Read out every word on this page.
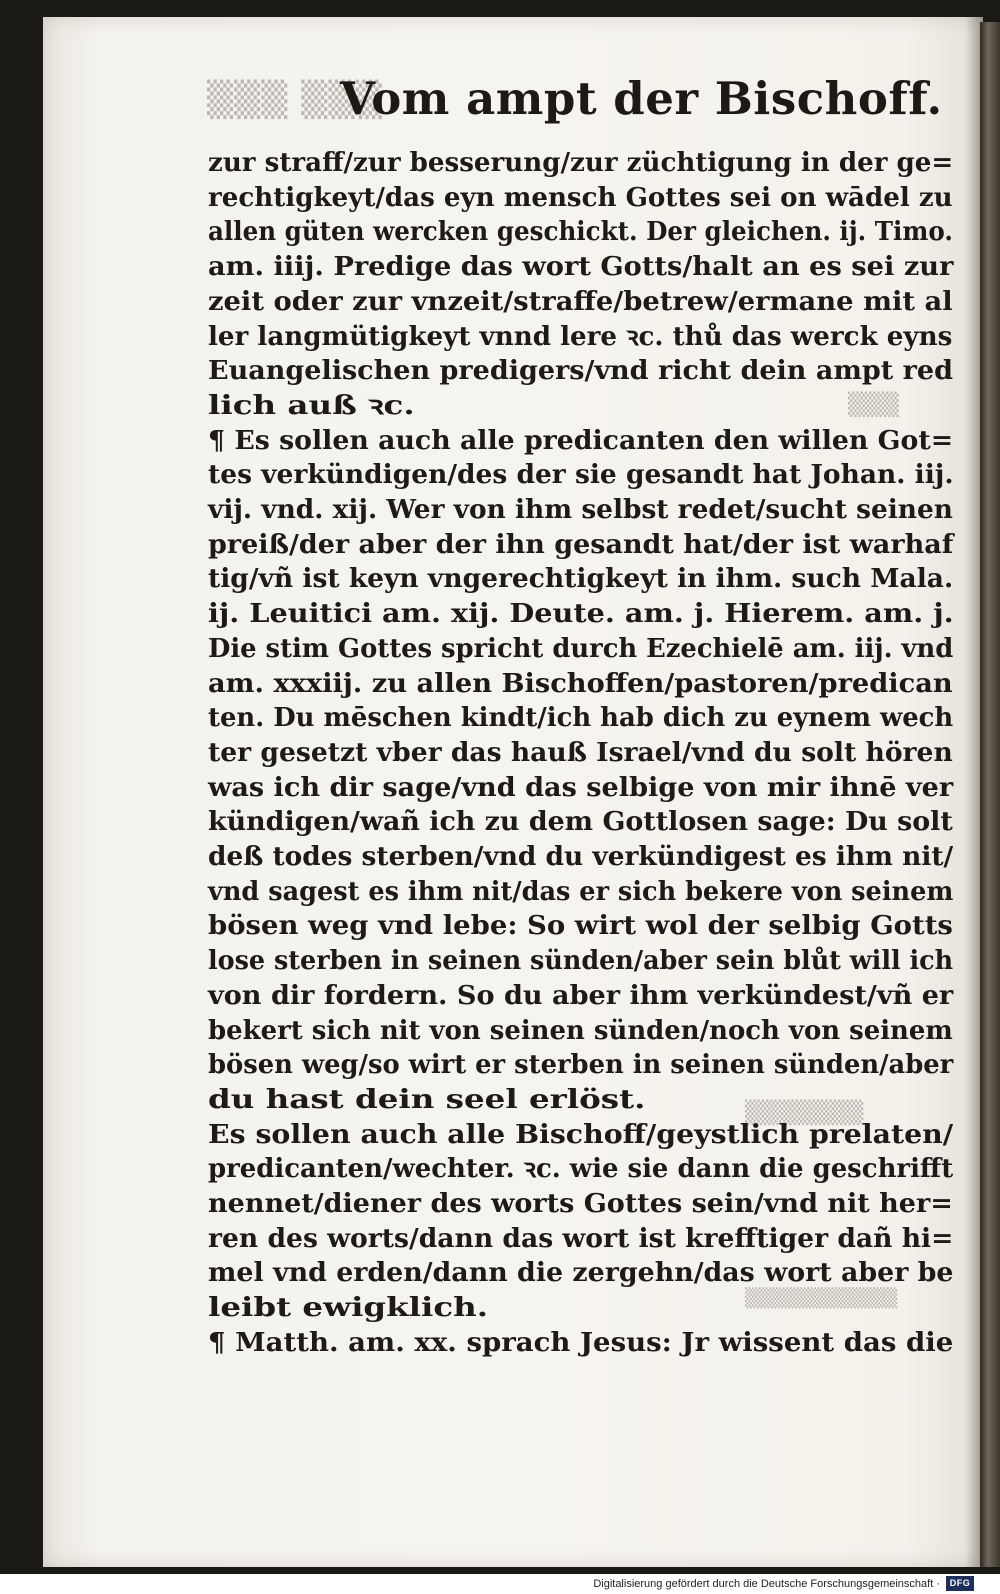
▒▒▒ ▒▒▒
▒▒▒
▒▒▒▒▒▒▒
▒▒▒▒▒▒▒▒▒▒▒
Vom ampt der Bischoff.
zur straff/zur besserung/zur züchtigung in der ge=
rechtigkeyt/das eyn mensch Gottes sei on wādel zu
allen güten wercken geschickt. Der gleichen. ij. Timo.
am. iiij. Predige das wort Gotts/halt an es sei zur
zeit oder zur vnzeit/straffe/betrew/ermane mit al
ler langmütigkeyt vnnd lere ꝛc. thů das werck eyns
Euangelischen predigers/vnd richt dein ampt red
lich auß ꝛc.
¶ Es sollen auch alle predicanten den willen Got=
tes verkündigen/des der sie gesandt hat Johan. iij.
vij. vnd. xij. Wer von ihm selbst redet/sucht seinen
preiß/der aber der ihn gesandt hat/der ist warhaf
tig/vñ ist keyn vngerechtigkeyt in ihm. such Mala.
ij. Leuitici am. xij. Deute. am. j. Hierem. am. j.
Die stim Gottes spricht durch Ezechielē am. iij. vnd
am. xxxiij. zu allen Bischoffen/pastoren/predican
ten. Du mēschen kindt/ich hab dich zu eynem wech
ter gesetzt vber das hauß Israel/vnd du solt hören
was ich dir sage/vnd das selbige von mir ihnē ver
kündigen/wañ ich zu dem Gottlosen sage: Du solt
deß todes sterben/vnd du verkündigest es ihm nit/
vnd sagest es ihm nit/das er sich bekere von seinem
bösen weg vnd lebe: So wirt wol der selbig Gotts
lose sterben in seinen sünden/aber sein blůt will ich
von dir fordern. So du aber ihm verkündest/vñ er
bekert sich nit von seinen sünden/noch von seinem
bösen weg/so wirt er sterben in seinen sünden/aber
du hast dein seel erlöst.
Es sollen auch alle Bischoff/geystlich prelaten/
predicanten/wechter. ꝛc. wie sie dann die geschrifft
nennet/diener des worts Gottes sein/vnd nit her=
ren des worts/dann das wort ist krefftiger dañ hi=
mel vnd erden/dann die zergehn/das wort aber be
leibt ewigklich.
¶ Matth. am. xx. sprach Jesus: Jr wissent das die
Digitalisierung gefördert durch die Deutsche Forschungsgemeinschaft ·	DFG
